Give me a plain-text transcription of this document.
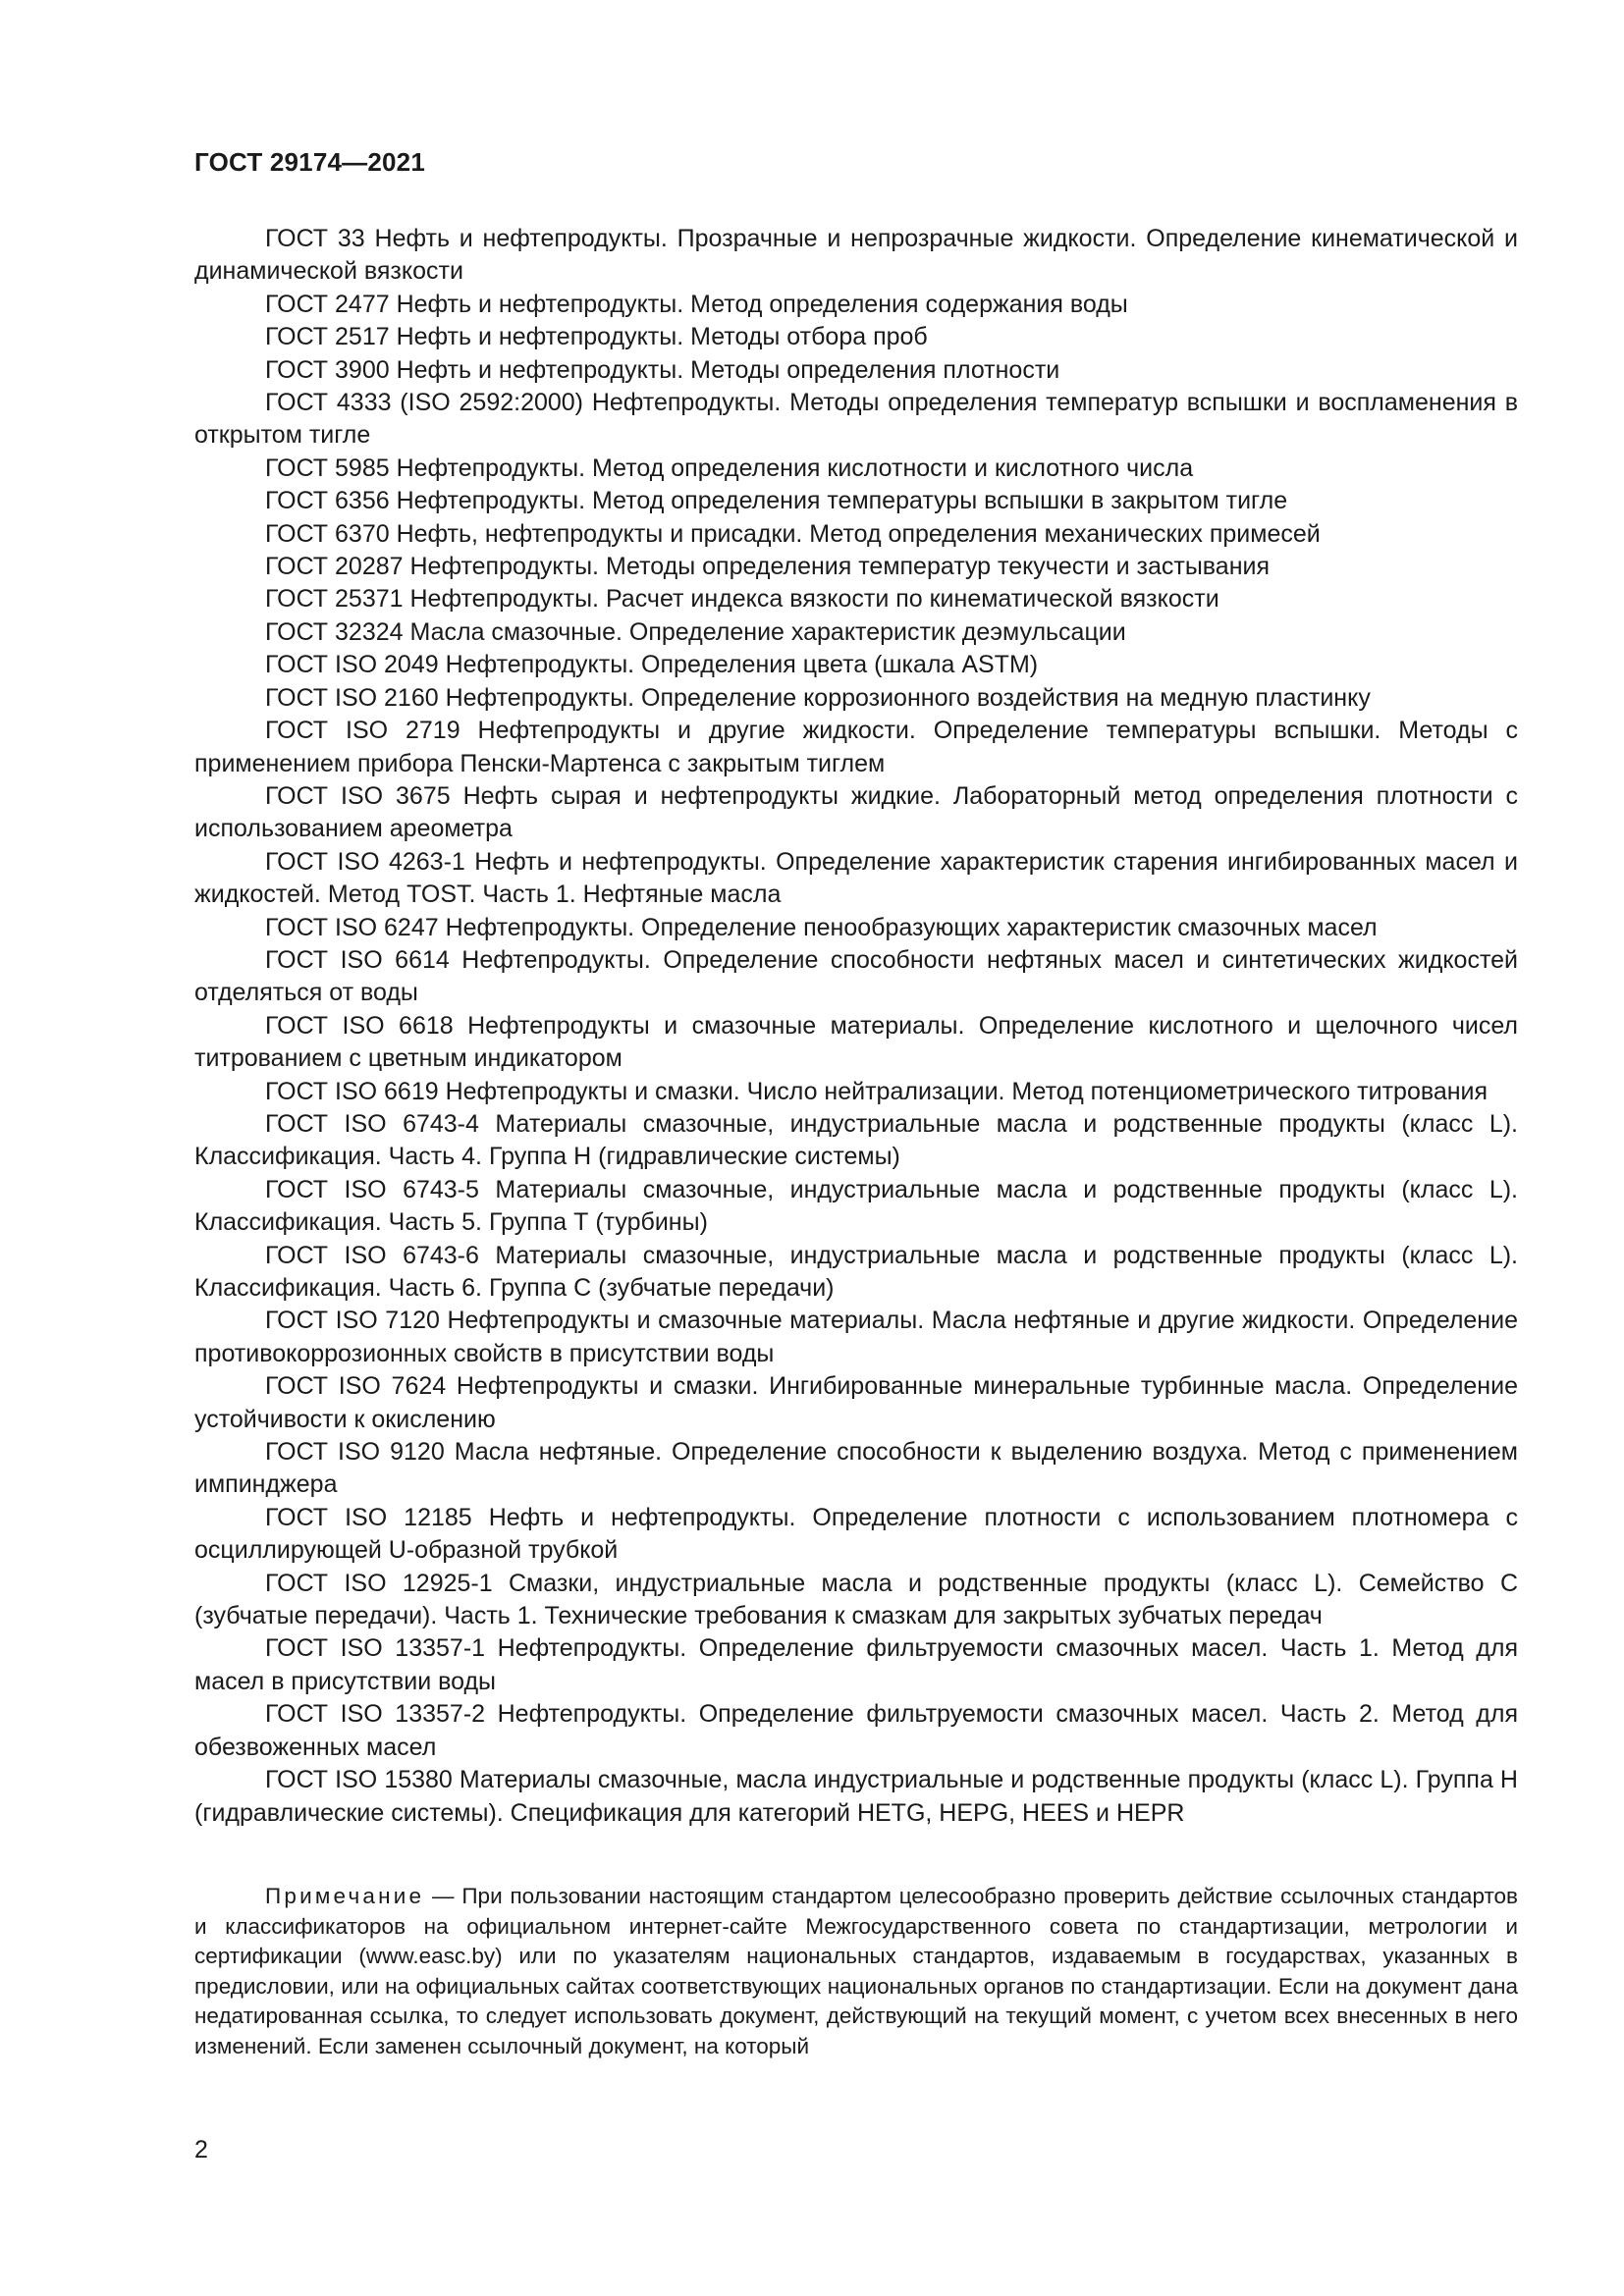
ГОСТ 29174—2021

ГОСТ 33 Нефть и нефтепродукты. Прозрачные и непрозрачные жидкости. Определение кинематической и динамической вязкости

ГОСТ 2477 Нефть и нефтепродукты. Метод определения содержания воды

ГОСТ 2517 Нефть и нефтепродукты. Методы отбора проб

ГОСТ 3900 Нефть и нефтепродукты. Методы определения плотности

ГОСТ 4333 (ISO 2592:2000) Нефтепродукты. Методы определения температур вспышки и воспламенения в открытом тигле

ГОСТ 5985 Нефтепродукты. Метод определения кислотности и кислотного числа

ГОСТ 6356 Нефтепродукты. Метод определения температуры вспышки в закрытом тигле

ГОСТ 6370 Нефть, нефтепродукты и присадки. Метод определения механических примесей

ГОСТ 20287 Нефтепродукты. Методы определения температур текучести и застывания

ГОСТ 25371 Нефтепродукты. Расчет индекса вязкости по кинематической вязкости

ГОСТ 32324 Масла смазочные. Определение характеристик деэмульсации

ГОСТ ISO 2049 Нефтепродукты. Определения цвета (шкала ASTM)

ГОСТ ISO 2160 Нефтепродукты. Определение коррозионного воздействия на медную пластинку

ГОСТ ISO 2719 Нефтепродукты и другие жидкости. Определение температуры вспышки. Методы с применением прибора Пенски-Мартенса с закрытым тиглем

ГОСТ ISO 3675 Нефть сырая и нефтепродукты жидкие. Лабораторный метод определения плотности с использованием ареометра

ГОСТ ISO 4263-1 Нефть и нефтепродукты. Определение характеристик старения ингибированных масел и жидкостей. Метод TOST. Часть 1. Нефтяные масла

ГОСТ ISO 6247 Нефтепродукты. Определение пенообразующих характеристик смазочных масел

ГОСТ ISO 6614 Нефтепродукты. Определение способности нефтяных масел и синтетических жидкостей отделяться от воды

ГОСТ ISO 6618 Нефтепродукты и смазочные материалы. Определение кислотного и щелочного чисел титрованием с цветным индикатором

ГОСТ ISO 6619 Нефтепродукты и смазки. Число нейтрализации. Метод потенциометрического титрования

ГОСТ ISO 6743-4 Материалы смазочные, индустриальные масла и родственные продукты (класс L). Классификация. Часть 4. Группа Н (гидравлические системы)

ГОСТ ISO 6743-5 Материалы смазочные, индустриальные масла и родственные продукты (класс L). Классификация. Часть 5. Группа Т (турбины)

ГОСТ ISO 6743-6 Материалы смазочные, индустриальные масла и родственные продукты (класс L). Классификация. Часть 6. Группа С (зубчатые передачи)

ГОСТ ISO 7120 Нефтепродукты и смазочные материалы. Масла нефтяные и другие жидкости. Определение противокоррозионных свойств в присутствии воды

ГОСТ ISO 7624 Нефтепродукты и смазки. Ингибированные минеральные турбинные масла. Определение устойчивости к окислению

ГОСТ ISO 9120 Масла нефтяные. Определение способности к выделению воздуха. Метод с применением импинджера

ГОСТ ISO 12185 Нефть и нефтепродукты. Определение плотности с использованием плотномера с осциллирующей U-образной трубкой

ГОСТ ISO 12925-1 Смазки, индустриальные масла и родственные продукты (класс L). Семейство С (зубчатые передачи). Часть 1. Технические требования к смазкам для закрытых зубчатых передач

ГОСТ ISO 13357-1 Нефтепродукты. Определение фильтруемости смазочных масел. Часть 1. Метод для масел в присутствии воды

ГОСТ ISO 13357-2 Нефтепродукты. Определение фильтруемости смазочных масел. Часть 2. Метод для обезвоженных масел

ГОСТ ISO 15380 Материалы смазочные, масла индустриальные и родственные продукты (класс L). Группа Н (гидравлические системы). Спецификация для категорий HETG, HEPG, HEES и HEPR

Примечание — При пользовании настоящим стандартом целесообразно проверить действие ссылочных стандартов и классификаторов на официальном интернет-сайте Межгосударственного совета по стандартизации, метрологии и сертификации (www.easc.by) или по указателям национальных стандартов, издаваемым в государствах, указанных в предисловии, или на официальных сайтах соответствующих национальных органов по стандартизации. Если на документ дана недатированная ссылка, то следует использовать документ, действующий на текущий момент, с учетом всех внесенных в него изменений. Если заменен ссылочный документ, на который

2
